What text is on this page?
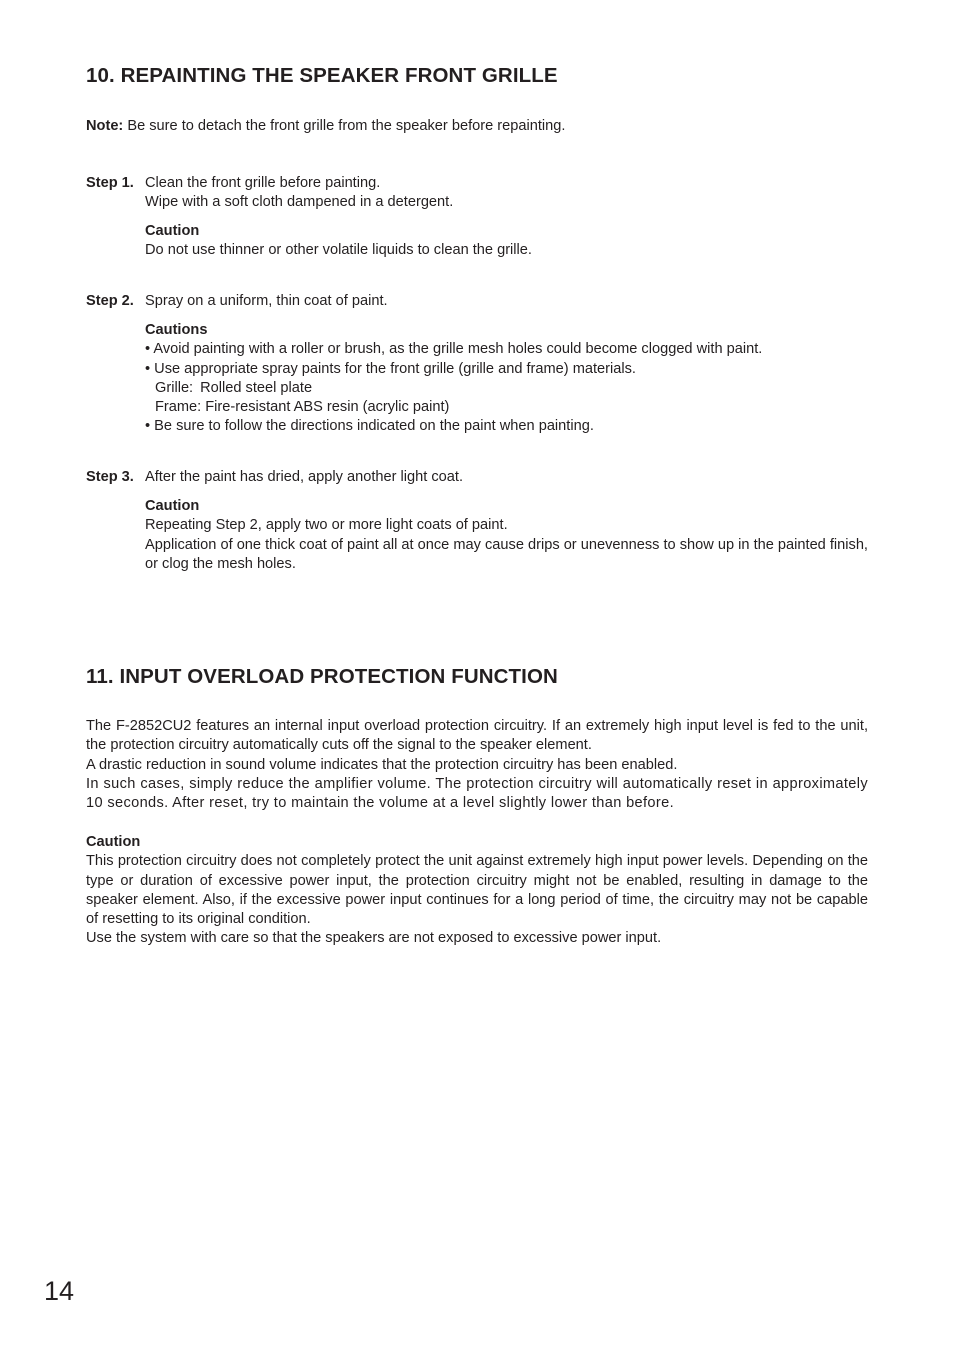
10. REPAINTING THE SPEAKER FRONT GRILLE

Note: Be sure to detach the front grille from the speaker before repainting.

Step 1. Clean the front grille before painting.
Wipe with a soft cloth dampened in a detergent.
Caution
Do not use thinner or other volatile liquids to clean the grille.
Step 2. Spray on a uniform, thin coat of paint.
Cautions
• Avoid painting with a roller or brush, as the grille mesh holes could become clogged with paint.
• Use appropriate spray paints for the front grille (grille and frame) materials.
Grille: Rolled steel plate
Frame: Fire-resistant ABS resin (acrylic paint)
• Be sure to follow the directions indicated on the paint when painting.
Step 3. After the paint has dried, apply another light coat.
Caution
Repeating Step 2, apply two or more light coats of paint.
Application of one thick coat of paint all at once may cause drips or unevenness to show up in the painted finish, or clog the mesh holes.
11. INPUT OVERLOAD PROTECTION FUNCTION
The F-2852CU2 features an internal input overload protection circuitry. If an extremely high input level is fed to the unit, the protection circuitry automatically cuts off the signal to the speaker element.
A drastic reduction in sound volume indicates that the protection circuitry has been enabled.
In such cases, simply reduce the amplifier volume. The protection circuitry will automatically reset in approximately 10 seconds. After reset, try to maintain the volume at a level slightly lower than before.
Caution
This protection circuitry does not completely protect the unit against extremely high input power levels. Depending on the type or duration of excessive power input, the protection circuitry might not be enabled, resulting in damage to the speaker element. Also, if the excessive power input continues for a long period of time, the circuitry may not be capable of resetting to its original condition.
Use the system with care so that the speakers are not exposed to excessive power input.
14
